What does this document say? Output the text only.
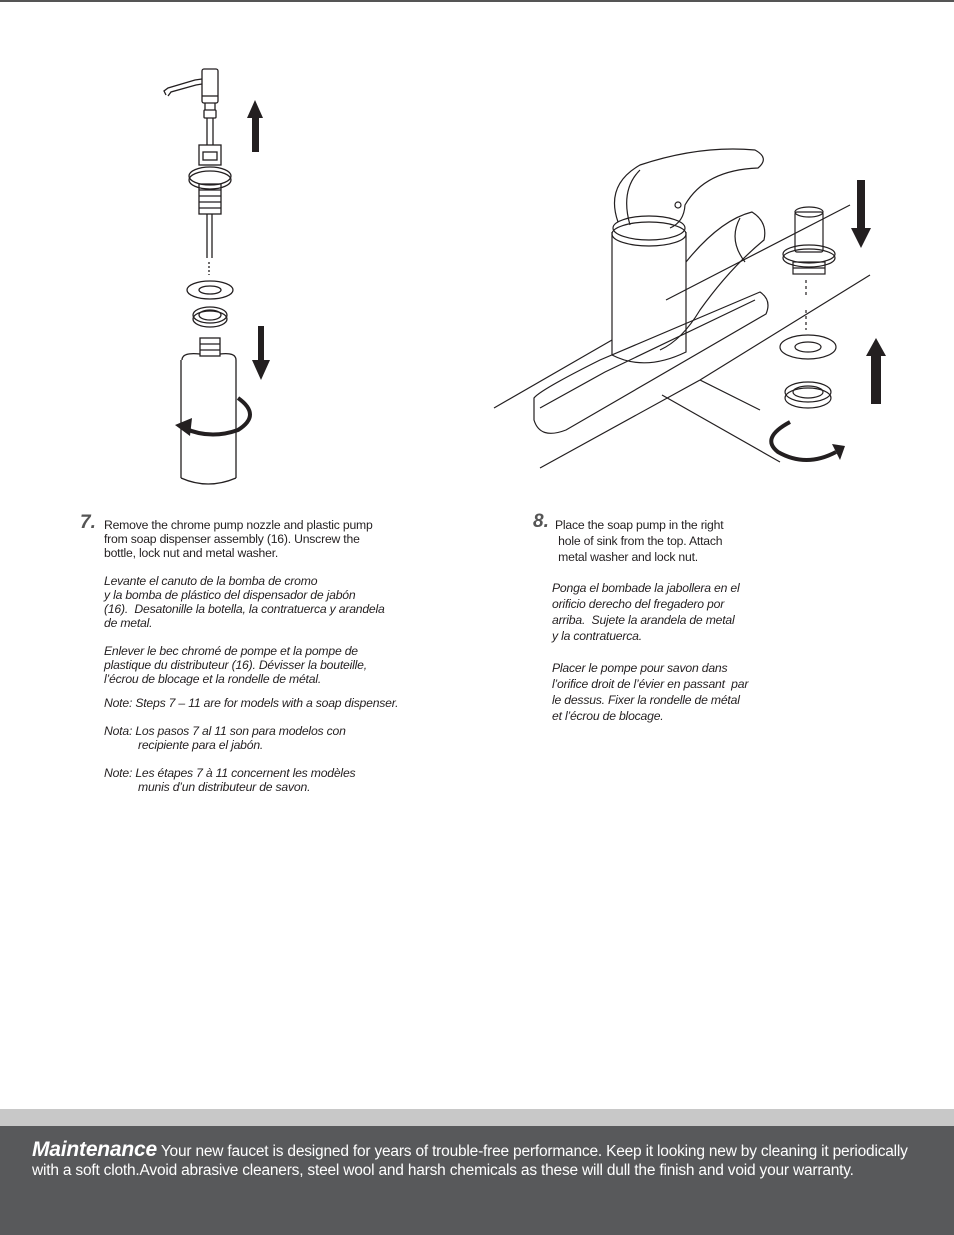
7. Remove the chrome pump nozzle and plastic pump
from soap dispenser assembly (16). Unscrew the
bottle, lock nut and metal washer.

Levante el canuto de la bomba de cromo
y la bomba de plástico del dispensador de jabón
(16).  Desatonille la botella, la contratuerca y arandela
de metal.

Enlever le bec chromé de pompe et la pompe de
plastique du distributeur (16). Dévisser la bouteille,
l’écrou de blocage et la rondelle de métal.

Note: Steps 7 – 11 are for models with a soap dispenser.

Nota: Los pasos 7 al 11 son para modelos con

recipiente para el jabón.

Note: Les étapes 7 à 11 concernent les modèles

munis d’un distributeur de savon.

8. Place the soap pump in the right
hole of sink from the top. Attach
metal washer and lock nut.

Ponga el bombade la jabollera en el
orificio derecho del fregadero por
arriba.  Sujete la arandela de metal
y la contratuerca.

Placer le pompe pour savon dans
l’orifice droit de l’évier en passant  par
le dessus. Fixer la rondelle de métal
et l’écrou de blocage.

Maintenance Your new faucet is designed for years of trouble-free performance. Keep it looking new by cleaning it periodically with a soft cloth.Avoid abrasive cleaners, steel wool and harsh chemicals as these will dull the finish and void your warranty.
